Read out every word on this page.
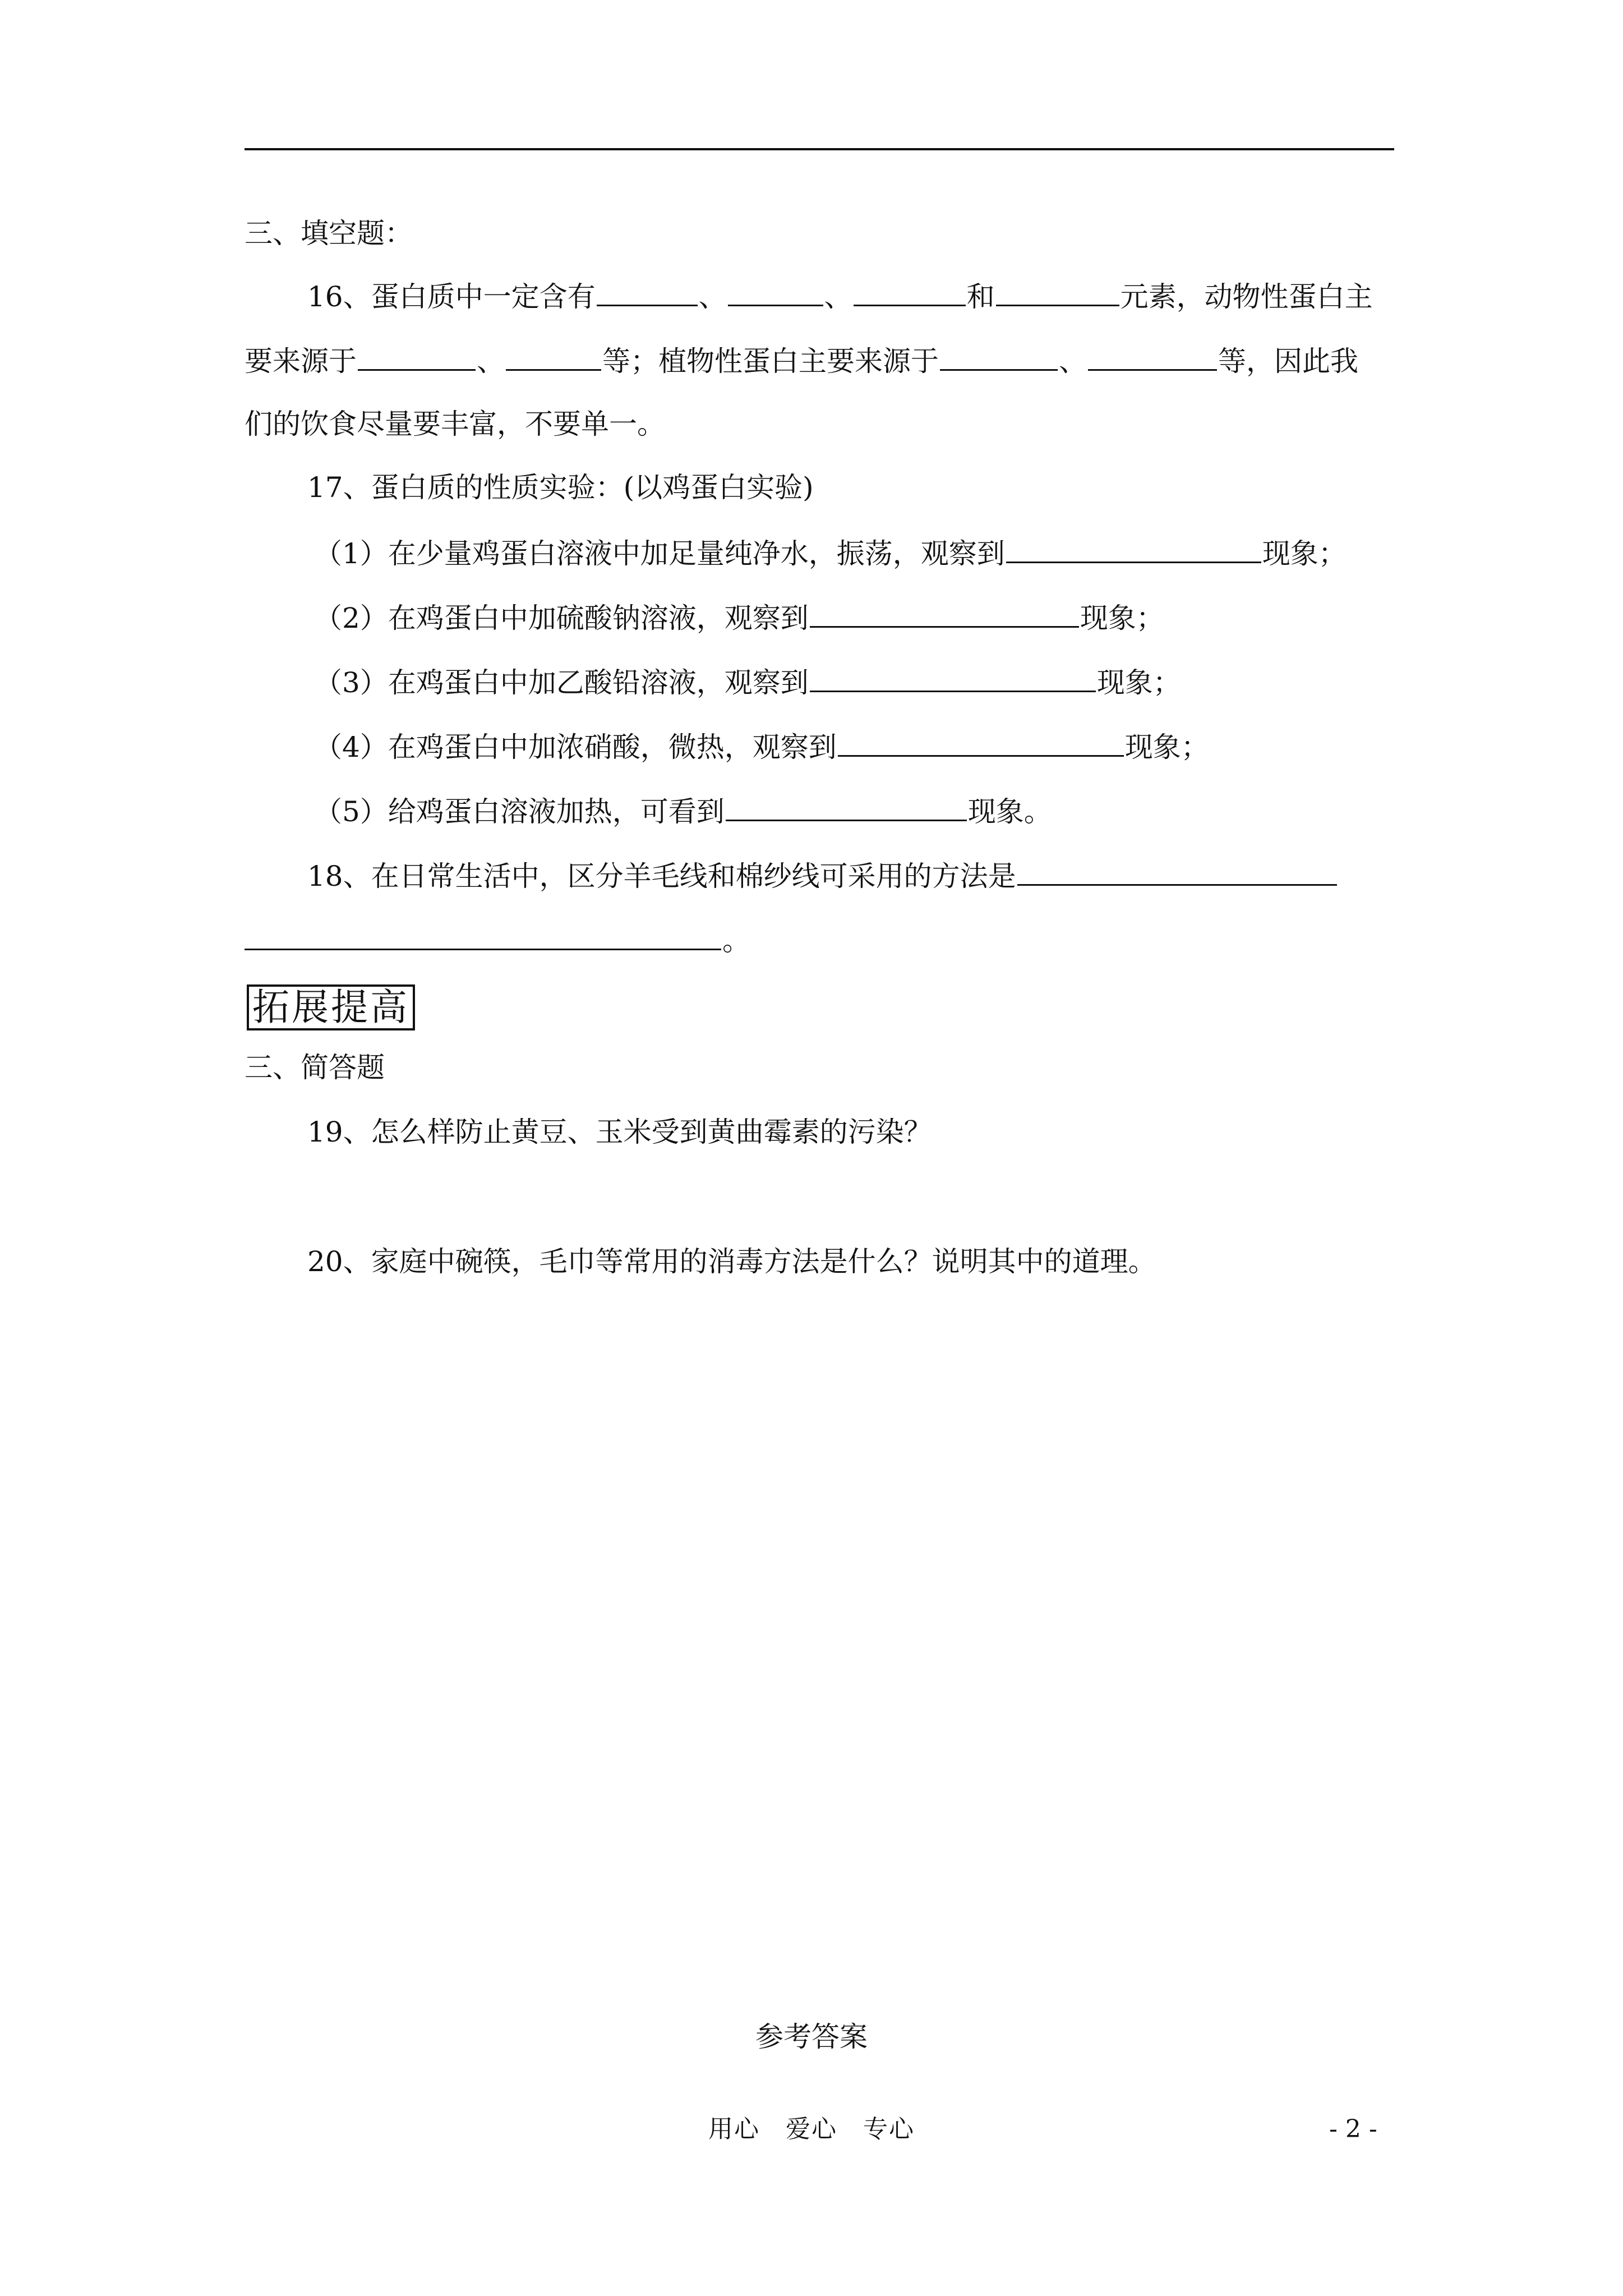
三、填空题：
16、蛋白质中一定含有	、	、	和	元素，动物性蛋白主
要来源于	、	等；植物性蛋白主要来源于	、	等，因此我
们的饮食尽量要丰富，不要单一。
17、蛋白质的性质实验：(以鸡蛋白实验)
（1）在少量鸡蛋白溶液中加足量纯净水，振荡，观察到	现象；
（2）在鸡蛋白中加硫酸钠溶液，观察到	现象；
（3）在鸡蛋白中加乙酸铅溶液，观察到	现象；
（4）在鸡蛋白中加浓硝酸，微热，观察到	现象；
（5）给鸡蛋白溶液加热，可看到	现象。
18、在日常生活中，区分羊毛线和棉纱线可采用的方法是
。
拓展提高
三、简答题
19、怎么样防止黄豆、玉米受到黄曲霉素的污染？
20、家庭中碗筷，毛巾等常用的消毒方法是什么？说明其中的道理。
参考答案
用心　爱心　专心	- 2 -
